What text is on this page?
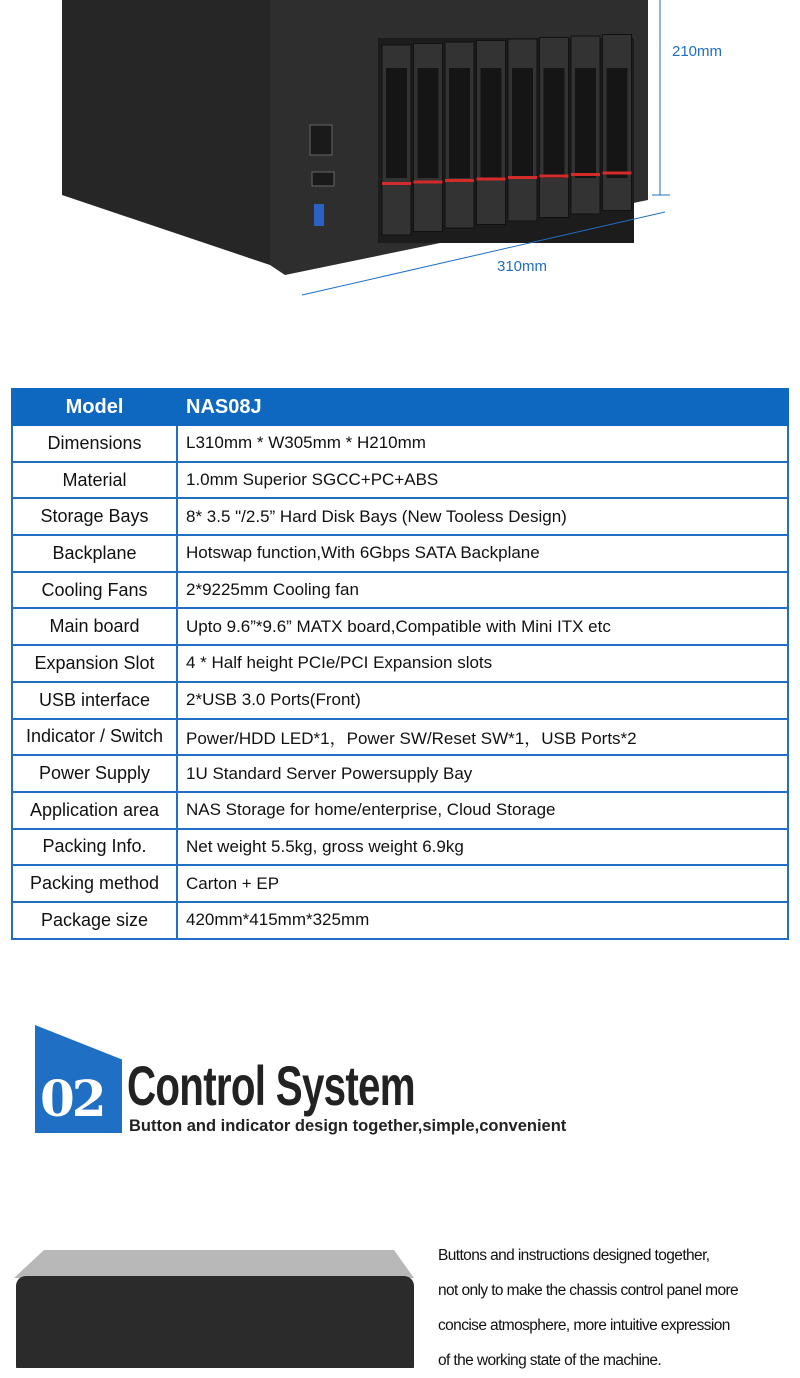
210mm
310mm
Model	NAS08J
Dimensions	L310mm * W305mm * H210mm
Material	1.0mm Superior SGCC+PC+ABS
Storage Bays	8* 3.5 "/2.5” Hard Disk Bays (New Tooless Design)
Backplane	Hotswap function,With 6Gbps SATA Backplane
Cooling Fans	2*9225mm Cooling fan
Main board	Upto 9.6”*9.6” MATX board,Compatible with Mini ITX etc
Expansion Slot	4 * Half height PCIe/PCI Expansion slots
USB interface	2*USB 3.0 Ports(Front)
Indicator / Switch	Power/HDD LED*1，Power SW/Reset SW*1，USB Ports*2
Power Supply	1U Standard Server Powersupply Bay
Application area	NAS Storage for home/enterprise, Cloud Storage
Packing Info.	Net weight 5.5kg, gross weight 6.9kg
Packing method	Carton + EP
Package size	420mm*415mm*325mm
02 Control System
Button and indicator design together,simple,convenient
Buttons and instructions designed together,
not only to make the chassis control panel more
concise atmosphere, more intuitive expression
of the working state of the machine.
